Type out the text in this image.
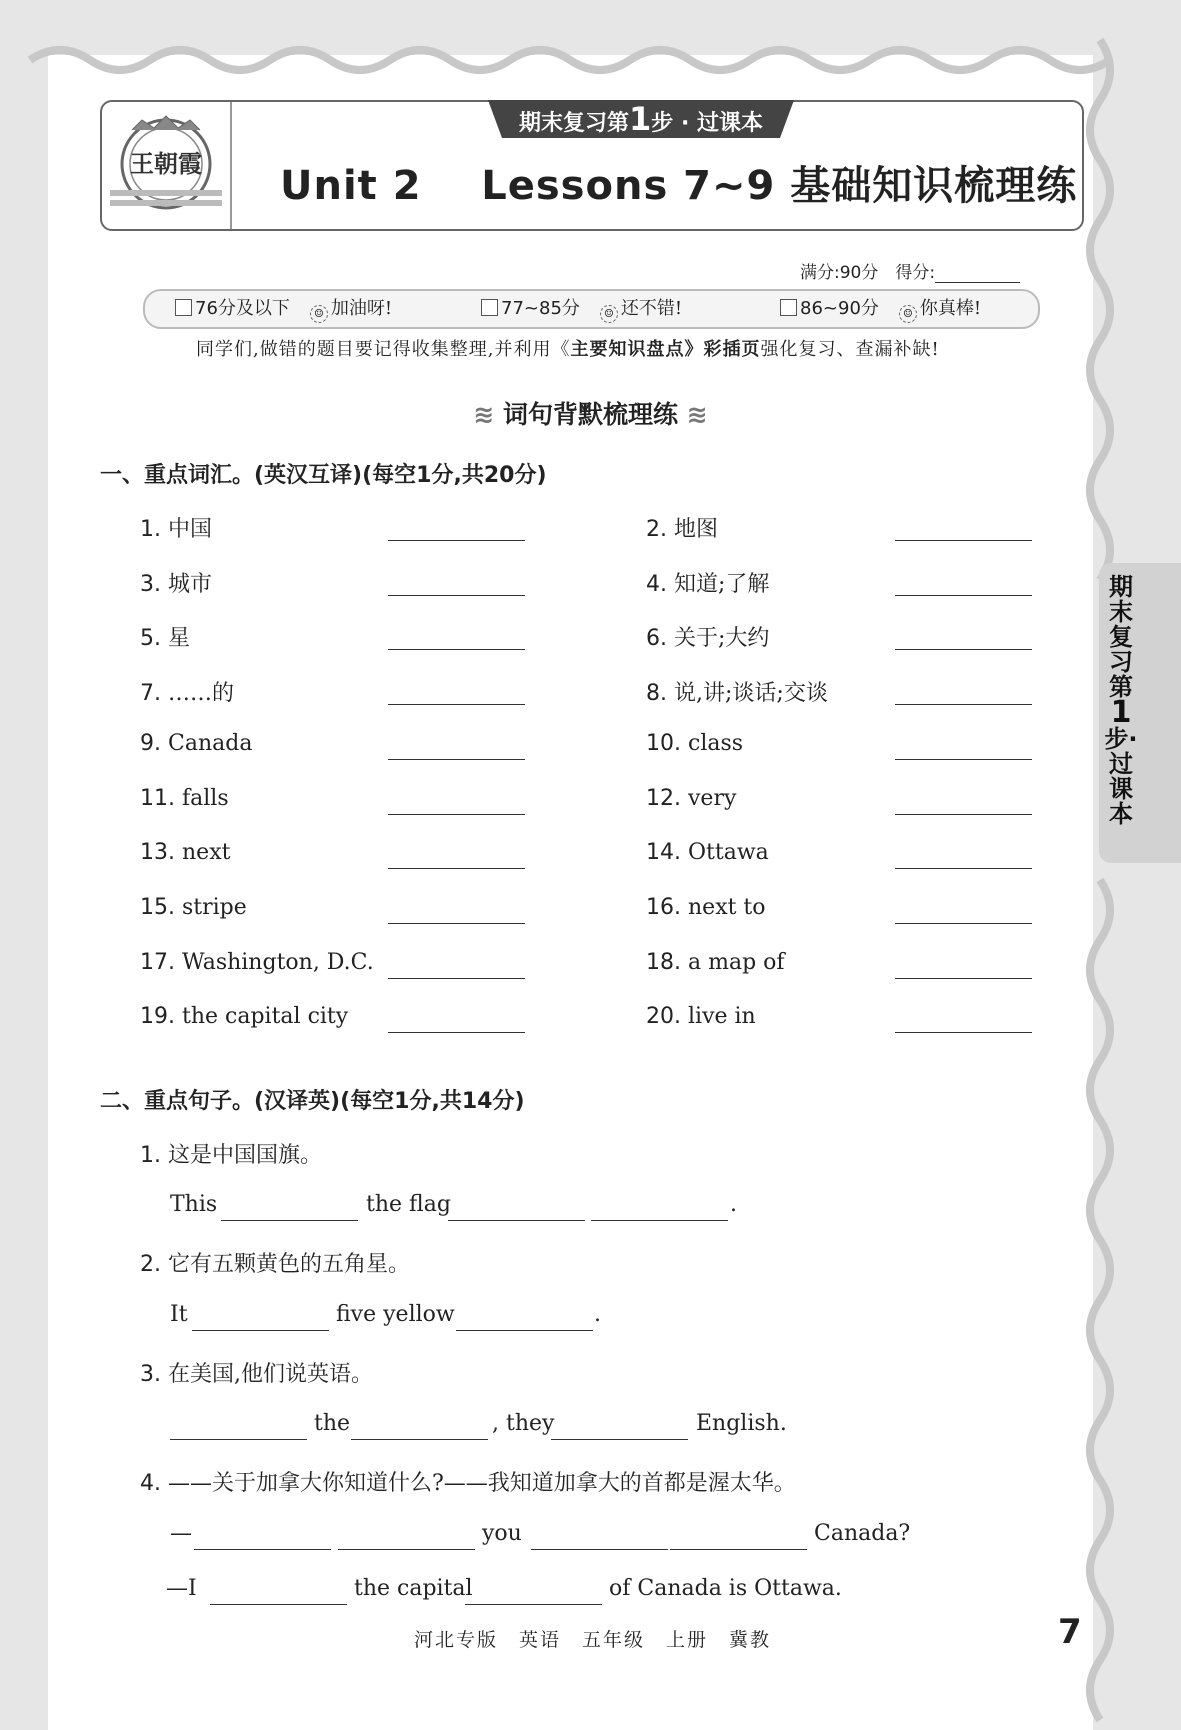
王朝霞
期末复习第1步 · 过课本
Unit 2    Lessons 7~9 基础知识梳理练
满分:90分　 得分:
76分及以下 ☺ 加油呀!	77~85分 ☺ 还不错!	86~90分 ☺ 你真棒!
同学们,做错的题目要记得收集整理,并利用《主要知识盘点》彩插页强化复习、查漏补缺!
≋ 词句背默梳理练 ≋
一、重点词汇。(英汉互译)(每空1分,共20分)
1. 中国	2. 地图
3. 城市	4. 知道;了解
5. 星	6. 关于;大约
7. ……的	8. 说,讲;谈话;交谈
9. Canada	10. class
11. falls	12. very
13. next	14. Ottawa
15. stripe	16. next to
17. Washington, D.C.	18. a map of
19. the capital city	20. live in
二、重点句子。(汉译英)(每空1分,共14分)
1. 这是中国国旗。
This	the flag	.
2. 它有五颗黄色的五角星。
It	five yellow	.
3. 在美国,他们说英语。
the	, they	English.
4. ——关于加拿大你知道什么?——我知道加拿大的首都是渥太华。
—	you	Canada?
—I	the capital	of Canada is Ottawa.
期末复习第1步·过课本
河北专版　英语　五年级　上册　冀教	7
